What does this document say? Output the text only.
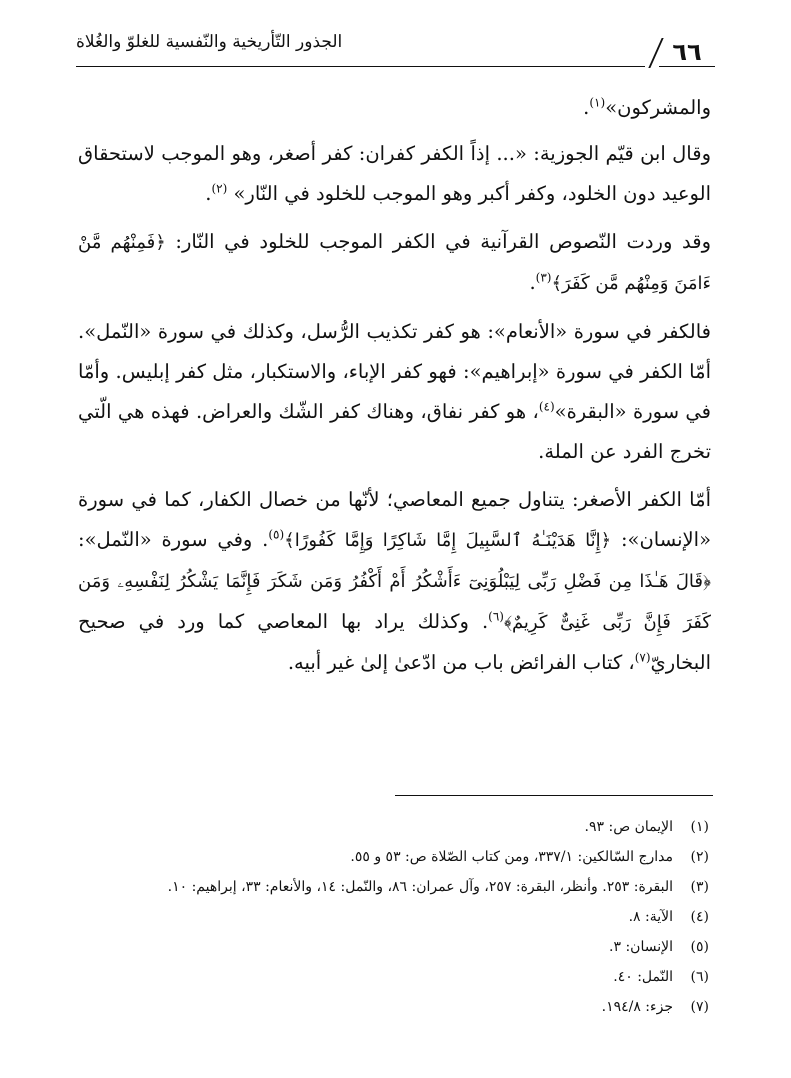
٦٦
الجذور التّأريخية والنّفسية للغلوّ والغُلاة

والمشركون»$^{(١)}$.

وقال ابن قيّم الجوزية: «... إذاً الكفر كفران: كفر أصغر، وهو الموجب لاستحقاق الوعيد دون الخلود، وكفر أكبر وهو الموجب للخلود في النّار» $^{(٢)}$.

وقد وردت النّصوص القرآنية في الكفر الموجب للخلود في النّار: ﴿فَمِنْهُم مَّنْ ءَامَنَ وَمِنْهُم مَّن كَفَرَ﴾$^{(٣)}$.

فالكفر في سورة «الأنعام»: هو كفر تكذيب الرُّسل، وكذلك في سورة «النّمل». أمّا الكفر في سورة «إبراهيم»: فهو كفر الإباء، والاستكبار، مثل كفر إبليس. وأمّا في سورة «البقرة»$^{(٤)}$، هو كفر نفاق، وهناك كفر الشّك والعراض. فهذه هي الّتي تخرج الفرد عن الملة.

أمّا الكفر الأصغر: يتناول جميع المعاصي؛ لأنّها من خصال الكفار، كما في سورة «الإنسان»: ﴿إِنَّا هَدَيْنَـٰهُ ٱلسَّبِيلَ إِمَّا شَاكِرًا وَإِمَّا كَفُورًا﴾$^{(٥)}$. وفي سورة «النّمل»: ﴿قَالَ هَـٰذَا مِن فَضْلِ رَبِّى لِيَبْلُوَنِىٓ ءَأَشْكُرُ أَمْ أَكْفُرُ وَمَن شَكَرَ فَإِنَّمَا يَشْكُرُ لِنَفْسِهِۦ وَمَن كَفَرَ فَإِنَّ رَبِّى غَنِىٌّ كَرِيمٌ﴾$^{(٦)}$. وكذلك يراد بها المعاصي كما ورد في صحيح البخاريّ$^{(٧)}$، كتاب الفرائض باب من ادّعىٰ إلىٰ غير أبيه.

(١)
الإيمان ص: ٩٣.
(٢)
مدارج السّالكين: ٣٣٧/١، ومن كتاب الصّلاة ص: ٥٣ و ٥٥.
(٣)
البقرة: ٢٥٣. وأنظر، البقرة: ٢٥٧، وآل عمران: ٨٦، والنّمل: ١٤، والأنعام: ٣٣، إبراهيم: ١٠.
(٤)
الآية: ٨.
(٥)
الإنسان: ٣.
(٦)
النّمل: ٤٠.
(٧)
جزء: ١٩٤/٨.
